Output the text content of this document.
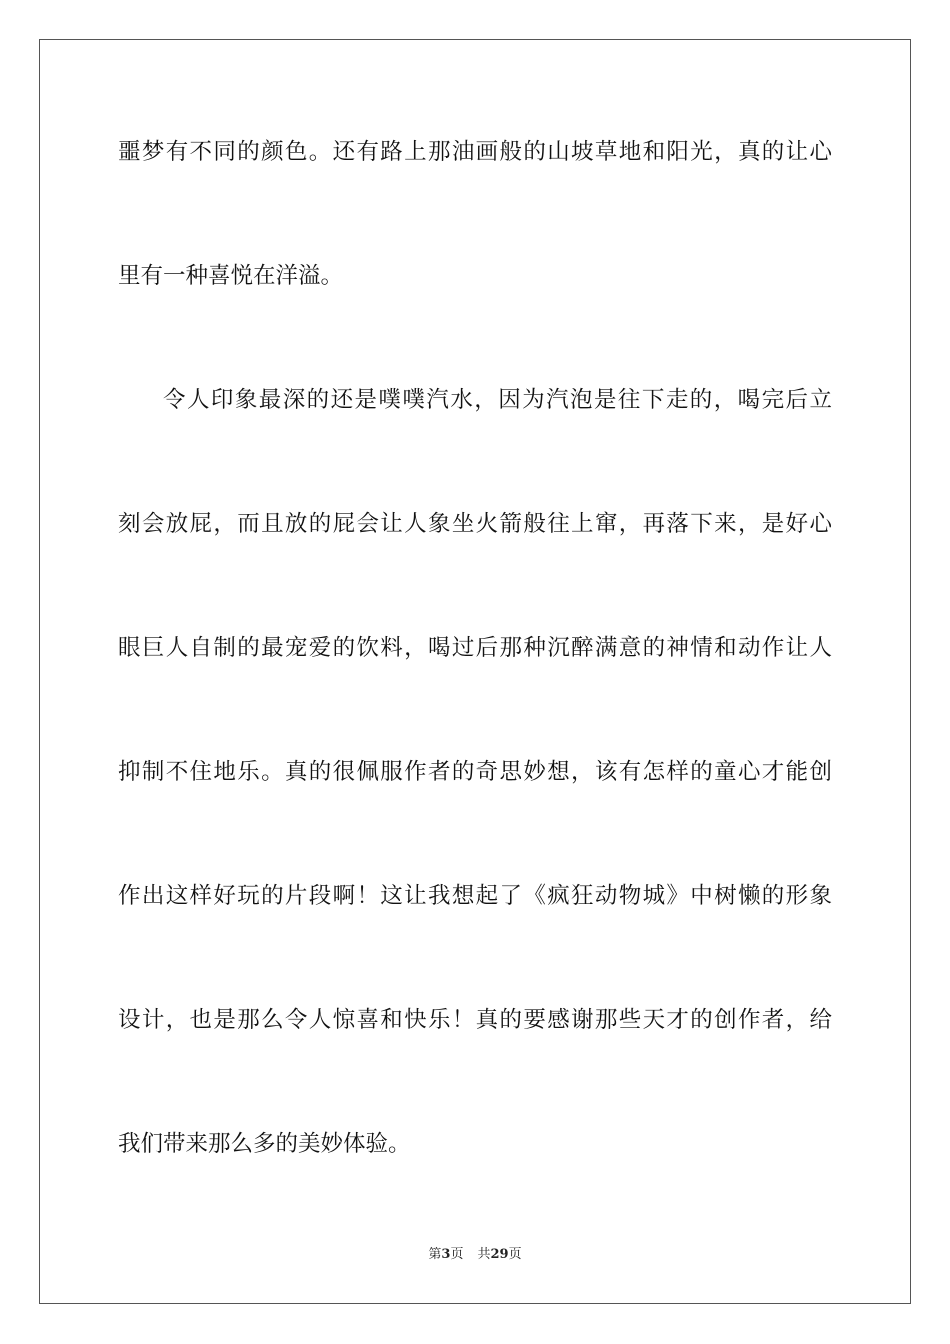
噩梦有不同的颜色。还有路上那油画般的山坡草地和阳光，真的让心
里有一种喜悦在洋溢。
令人印象最深的还是噗噗汽水，因为汽泡是往下走的，喝完后立
刻会放屁，而且放的屁会让人象坐火箭般往上窜，再落下来，是好心
眼巨人自制的最宠爱的饮料，喝过后那种沉醉满意的神情和动作让人
抑制不住地乐。真的很佩服作者的奇思妙想，该有怎样的童心才能创
作出这样好玩的片段啊！这让我想起了《疯狂动物城》中树懒的形象
设计，也是那么令人惊喜和快乐！真的要感谢那些天才的创作者，给
我们带来那么多的美妙体验。
第3页 共29页
